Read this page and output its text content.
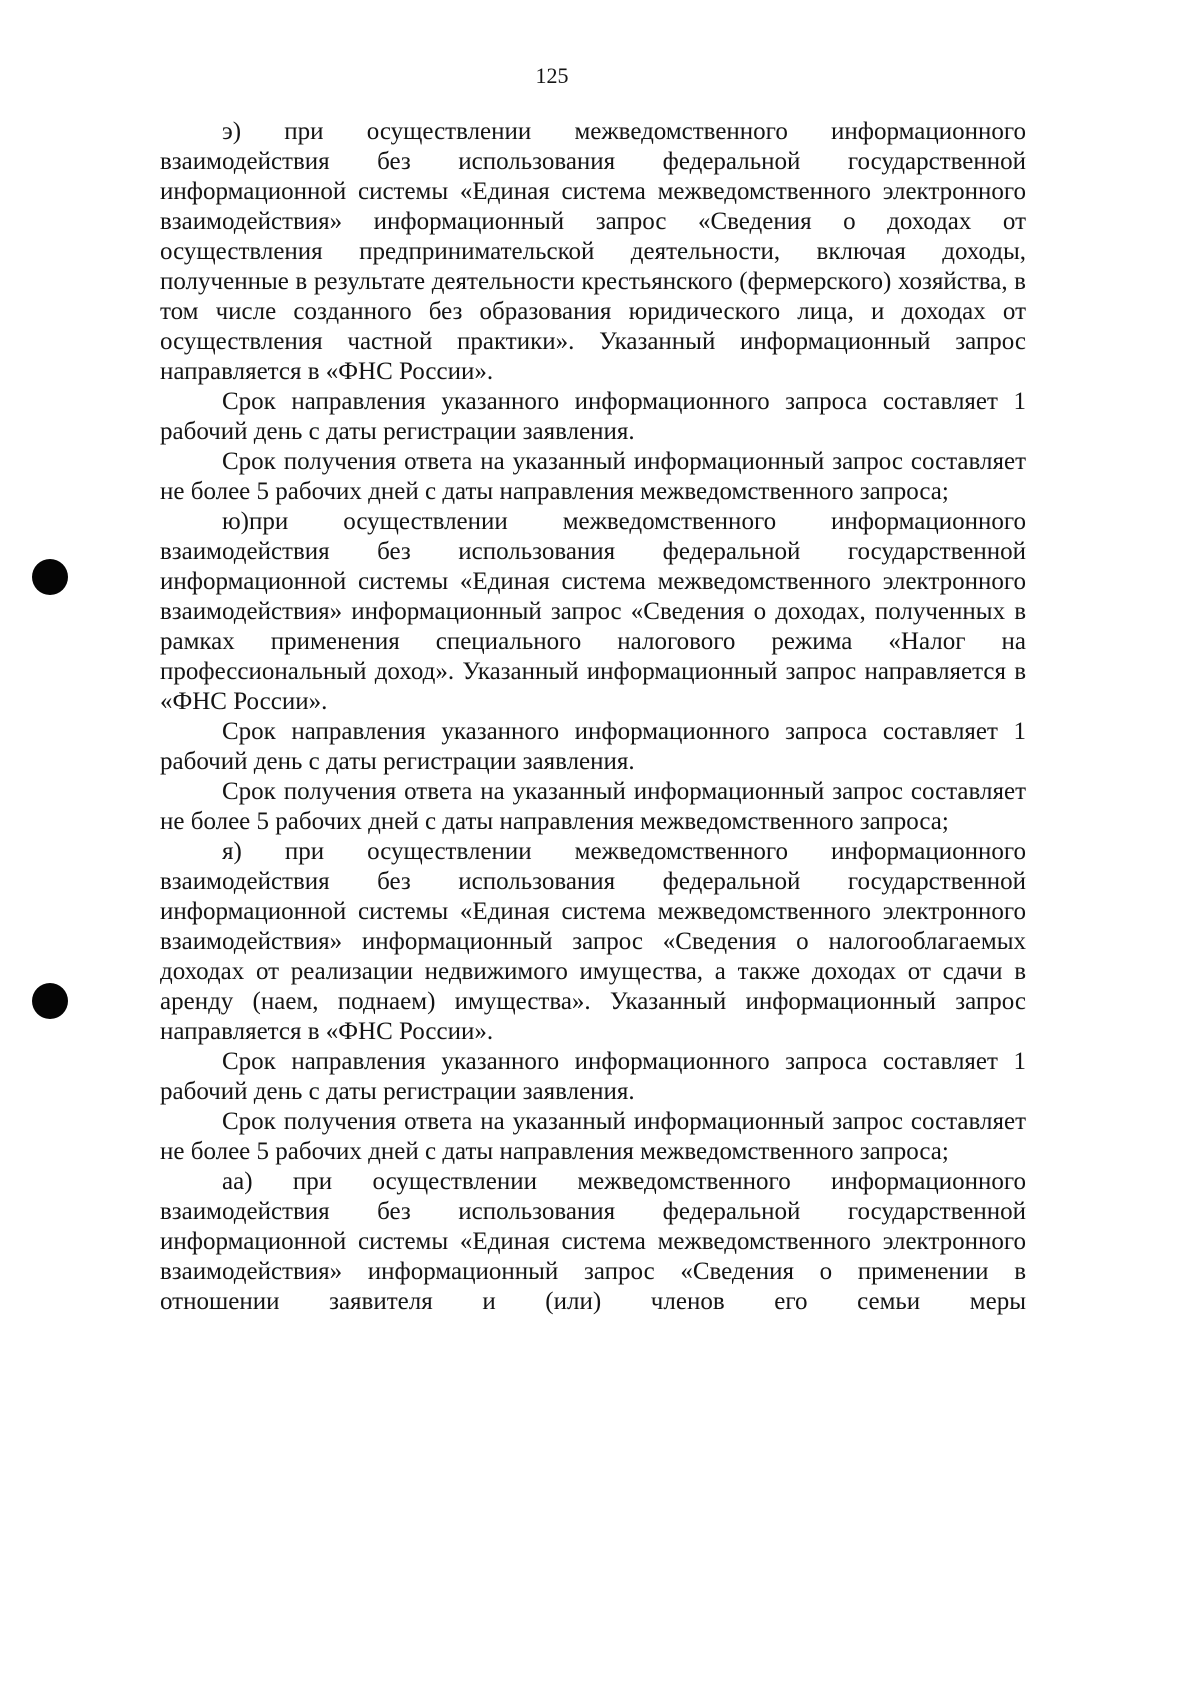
125

э) при осуществлении межведомственного информационного взаимодействия без использования федеральной государственной информационной системы «Единая система межведомственного электронного взаимодействия» информационный запрос «Сведения о доходах от осуществления предпринимательской деятельности, включая доходы, полученные в результате деятельности крестьянского (фермерского) хозяйства, в том числе созданного без образования юридического лица, и доходах от осуществления частной практики». Указанный информационный запрос направляется в «ФНС России».

Срок направления указанного информационного запроса составляет 1 рабочий день с даты регистрации заявления.

Срок получения ответа на указанный информационный запрос составляет не более 5 рабочих дней с даты направления межведомственного запроса;

ю)при осуществлении межведомственного информационного взаимодействия без использования федеральной государственной информационной системы «Единая система межведомственного электронного взаимодействия» информационный запрос «Сведения о доходах, полученных в рамках применения специального налогового режима «Налог на профессиональный доход». Указанный информационный запрос направляется в «ФНС России».

Срок направления указанного информационного запроса составляет 1 рабочий день с даты регистрации заявления.

Срок получения ответа на указанный информационный запрос составляет не более 5 рабочих дней с даты направления межведомственного запроса;

я) при осуществлении межведомственного информационного взаимодействия без использования федеральной государственной информационной системы «Единая система межведомственного электронного взаимодействия» информационный запрос «Сведения о налогооблагаемых доходах от реализации недвижимого имущества, а также доходах от сдачи в аренду (наем, поднаем) имущества». Указанный информационный запрос направляется в «ФНС России».

Срок направления указанного информационного запроса составляет 1 рабочий день с даты регистрации заявления.

Срок получения ответа на указанный информационный запрос составляет не более 5 рабочих дней с даты направления межведомственного запроса;

аа) при осуществлении межведомственного информационного взаимодействия без использования федеральной государственной информационной системы «Единая система межведомственного электронного взаимодействия» информационный запрос «Сведения о применении в отношении заявителя и (или) членов его семьи меры
